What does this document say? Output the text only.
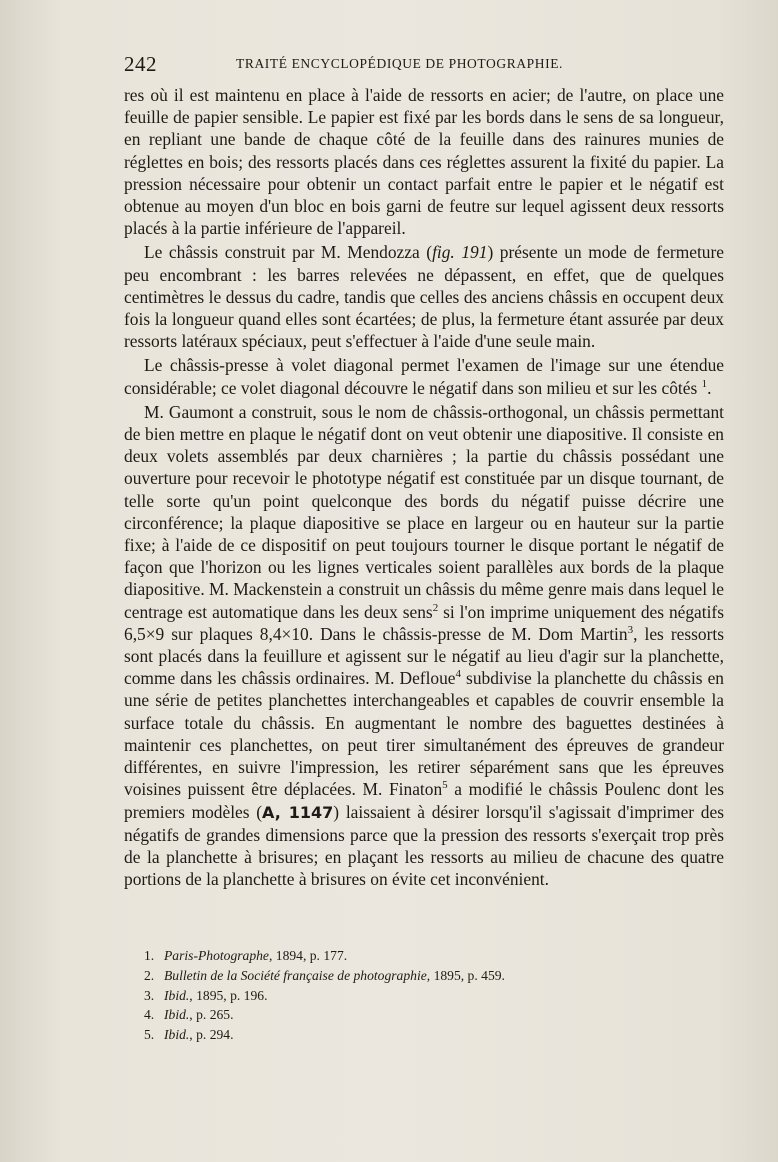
242	TRAITÉ ENCYCLOPÉDIQUE DE PHOTOGRAPHIE.

res où il est maintenu en place à l'aide de ressorts en acier; de l'autre, on place une feuille de papier sensible. Le papier est fixé par les bords dans le sens de sa longueur, en repliant une bande de chaque côté de la feuille dans des rainures munies de réglettes en bois; des ressorts placés dans ces réglettes assurent la fixité du papier. La pression nécessaire pour obtenir un contact parfait entre le papier et le négatif est obtenue au moyen d'un bloc en bois garni de feutre sur lequel agissent deux ressorts placés à la partie inférieure de l'appareil.

Le châssis construit par M. Mendozza (fig. 191) présente un mode de fermeture peu encombrant : les barres relevées ne dépassent, en effet, que de quelques centimètres le dessus du cadre, tandis que celles des anciens châssis en occupent deux fois la longueur quand elles sont écartées; de plus, la fermeture étant assurée par deux ressorts latéraux spéciaux, peut s'effectuer à l'aide d'une seule main.

Le châssis-presse à volet diagonal permet l'examen de l'image sur une étendue considérable; ce volet diagonal découvre le négatif dans son milieu et sur les côtés $^1$.

M. Gaumont a construit, sous le nom de châssis-orthogonal, un châssis permettant de bien mettre en plaque le négatif dont on veut obtenir une diapositive. Il consiste en deux volets assemblés par deux charnières ; la partie du châssis possédant une ouverture pour recevoir le phototype négatif est constituée par un disque tournant, de telle sorte qu'un point quelconque des bords du négatif puisse décrire une circonférence; la plaque diapositive se place en largeur ou en hauteur sur la partie fixe; à l'aide de ce dispositif on peut toujours tourner le disque portant le négatif de façon que l'horizon ou les lignes verticales soient parallèles aux bords de la plaque diapositive. M. Mackenstein a construit un châssis du même genre mais dans lequel le centrage est automatique dans les deux sens$^2$ si l'on imprime uniquement des négatifs 6,5×9 sur plaques 8,4×10. Dans le châssis-presse de M. Dom Martin$^3$, les ressorts sont placés dans la feuillure et agissent sur le négatif au lieu d'agir sur la planchette, comme dans les châssis ordinaires. M. Defloue$^4$ subdivise la planchette du châssis en une série de petites planchettes interchangeables et capables de couvrir ensemble la surface totale du châssis. En augmentant le nombre des baguettes destinées à maintenir ces planchettes, on peut tirer simultanément des épreuves de grandeur différentes, en suivre l'impression, les retirer séparément sans que les épreuves voisines puissent être déplacées. M. Finaton$^5$ a modifié le châssis Poulenc dont les premiers modèles (A, 1147) laissaient à désirer lorsqu'il s'agissait d'imprimer des négatifs de grandes dimensions parce que la pression des ressorts s'exerçait trop près de la planchette à brisures; en plaçant les ressorts au milieu de chacune des quatre portions de la planchette à brisures on évite cet inconvénient.

1. Paris-Photographe, 1894, p. 177.
2. Bulletin de la Société française de photographie, 1895, p. 459.
3. Ibid., 1895, p. 196.
4. Ibid., p. 265.
5. Ibid., p. 294.
